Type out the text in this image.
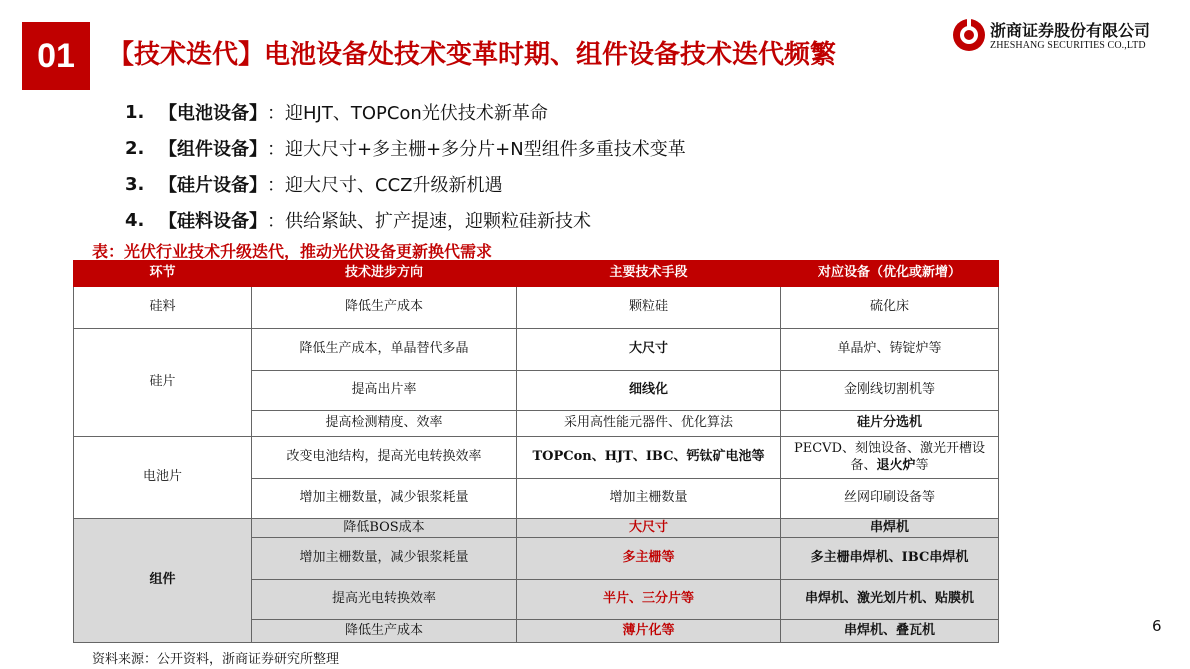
01	【技术迭代】电池设备处技术变革时期、组件设备技术迭代频繁
浙商证券股份有限公司
ZHESHANG SECURITIES CO.,LTD
1. 【电池设备】 ：迎HJT、TOPCon光伏技术新革命
2. 【组件设备】 ：迎大尺寸+多主栅+多分片+N型组件多重技术变革
3. 【硅片设备】 ：迎大尺寸、CCZ升级新机遇
4. 【硅料设备】 ：供给紧缺、扩产提速，迎颗粒硅新技术
表：光伏行业技术升级迭代，推动光伏设备更新换代需求
环节	技术进步方向	主要技术手段	对应设备（优化或新增）
硅料	降低生产成本	颗粒硅	硫化床
硅片	降低生产成本，单晶替代多晶	大尺寸	单晶炉、铸锭炉等
	提高出片率	细线化	金刚线切割机等
	提高检测精度、效率	采用高性能元器件、优化算法	硅片分选机
电池片	改变电池结构，提高光电转换效率	TOPCon、HJT、IBC、钙钛矿电池等	PECVD、刻蚀设备、激光开槽设
备、退火炉等
	增加主栅数量，减少银浆耗量	增加主栅数量	丝网印刷设备等
组件	降低BOS成本	大尺寸	串焊机
	增加主栅数量，减少银浆耗量	多主栅等	多主栅串焊机、IBC串焊机
	提高光电转换效率	半片、三分片等	串焊机、激光划片机、贴膜机
	降低生产成本	薄片化等	串焊机、叠瓦机	6
资料来源：公开资料，浙商证券研究所整理
